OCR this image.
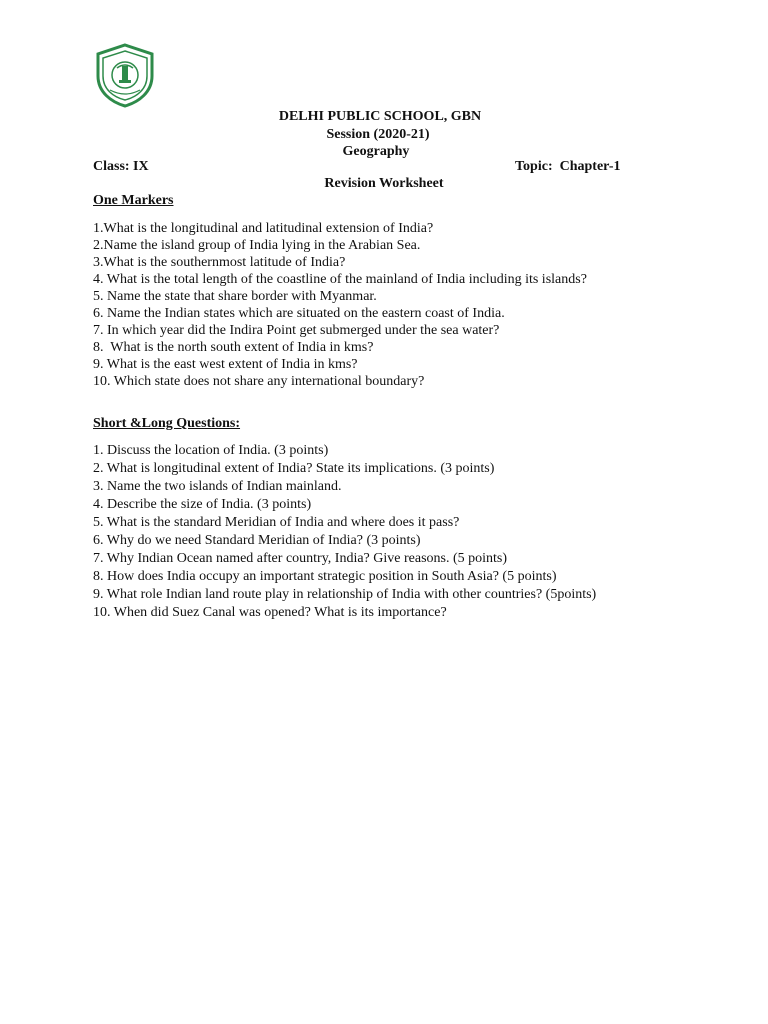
DELHI PUBLIC SCHOOL, GBN
Session (2020-21)
Geography
Class: IX	Topic:  Chapter-1
Revision Worksheet
One Markers
1.What is the longitudinal and latitudinal extension of India?
2.Name the island group of India lying in the Arabian Sea.
3.What is the southernmost latitude of India?
4. What is the total length of the coastline of the mainland of India including its islands?
5. Name the state that share border with Myanmar.
6. Name the Indian states which are situated on the eastern coast of India.
7. In which year did the Indira Point get submerged under the sea water?
8.  What is the north south extent of India in kms?
9. What is the east west extent of India in kms?
10. Which state does not share any international boundary?
Short &Long Questions:
1. Discuss the location of India. (3 points)
2. What is longitudinal extent of India? State its implications. (3 points)
3. Name the two islands of Indian mainland.
4. Describe the size of India. (3 points)
5. What is the standard Meridian of India and where does it pass?
6. Why do we need Standard Meridian of India? (3 points)
7. Why Indian Ocean named after country, India? Give reasons. (5 points)
8. How does India occupy an important strategic position in South Asia? (5 points)
9. What role Indian land route play in relationship of India with other countries? (5points)
10. When did Suez Canal was opened? What is its importance?
